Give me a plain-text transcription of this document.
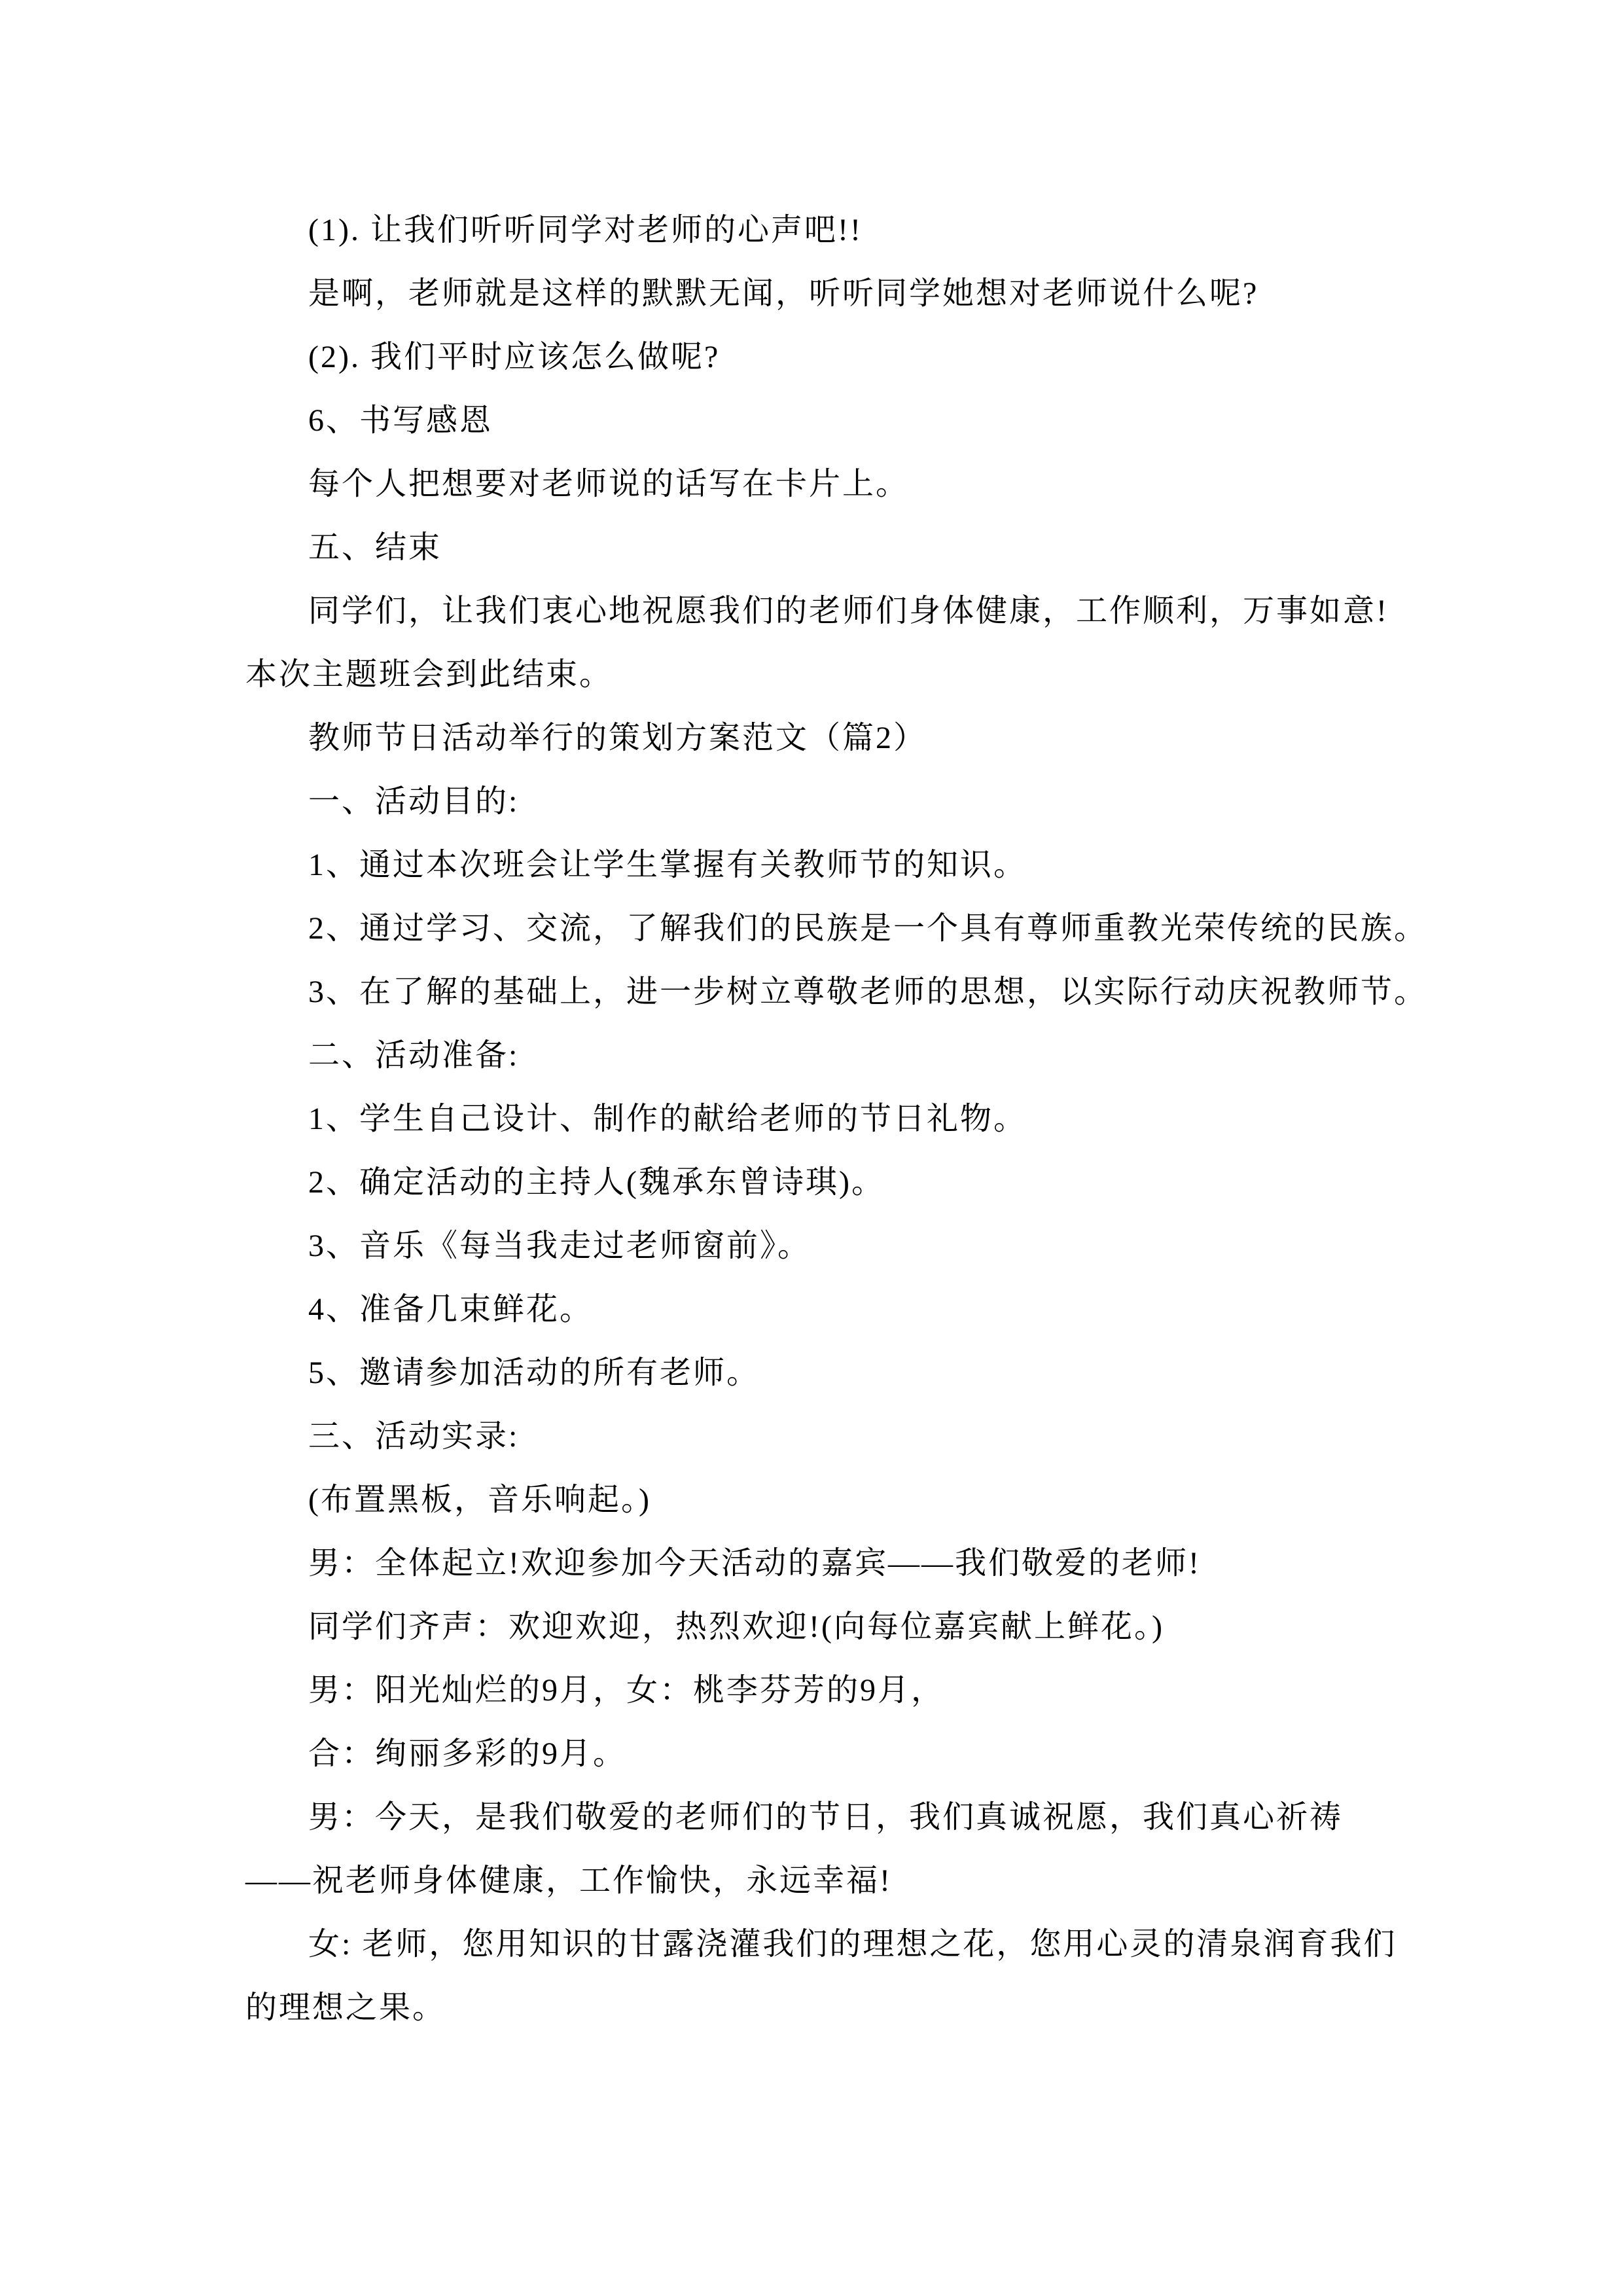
(1). 让我们听听同学对老师的心声吧!!
是啊，老师就是这样的默默无闻，听听同学她想对老师说什么呢?
(2). 我们平时应该怎么做呢?
6、书写感恩
每个人把想要对老师说的话写在卡片上。
五、结束
同学们，让我们衷心地祝愿我们的老师们身体健康，工作顺利，万事如意!
本次主题班会到此结束。
教师节日活动举行的策划方案范文（篇2）
一、活动目的:
1、通过本次班会让学生掌握有关教师节的知识。
2、通过学习、交流，了解我们的民族是一个具有尊师重教光荣传统的民族。
3、在了解的基础上，进一步树立尊敬老师的思想，以实际行动庆祝教师节。
二、活动准备:
1、学生自己设计、制作的献给老师的节日礼物。
2、确定活动的主持人(魏承东曾诗琪)。
3、音乐《每当我走过老师窗前》。
4、准备几束鲜花。
5、邀请参加活动的所有老师。
三、活动实录:
(布置黑板，音乐响起。)
男：全体起立!欢迎参加今天活动的嘉宾——我们敬爱的老师!
同学们齐声：欢迎欢迎，热烈欢迎!(向每位嘉宾献上鲜花。)
男：阳光灿烂的9月，女：桃李芬芳的9月，
合：绚丽多彩的9月。
男：今天，是我们敬爱的老师们的节日，我们真诚祝愿，我们真心祈祷
——祝老师身体健康，工作愉快，永远幸福!
女: 老师，您用知识的甘露浇灌我们的理想之花，您用心灵的清泉润育我们
的理想之果。
